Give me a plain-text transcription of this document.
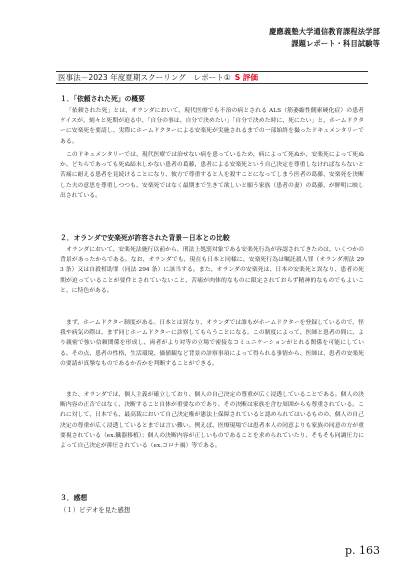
慶應義塾大学通信教育課程法学部
課題レポート・科目試験等
医事法－2023 年度夏期スクーリング　レポート① S 評価
１．「依頼された死」の概要

「依頼された死」とは、オランダにおいて、現代医療でも不治の病とされる ALS（筋萎縮性側索硬化症）の患者ケイスが、刻々と死期が迫る中、「自分の事は、自分で決めたい」「自分で決めた時に、死にたい」と、ホームドクターに安楽死を要請し、実際にホームドクターによる安楽死が実施されるまでの一部始終を撮ったドキュメンタリーである。

このドキュメンタリーでは、現代医療では治せない病を患っているため、病によって死ぬか、安楽死によって死ぬか、どちらであっても死ぬ結末しかない患者の葛藤、患者による安楽死という自己決定を尊重しなければならないと苦痛に耐える患者を見続けることになり、彼方で尊重すると人を殺すことになってしまう医者の葛藤、安楽死を決断した夫の意思を尊重しつつも、安楽死ではなく最期まで生きて欲しいと願う家族（患者の妻）の葛藤、が鮮明に映し出されている。

２．オランダで安楽死が許容された背景－日本との比較

オランダにおいて、安楽死法施行以前から、刑法上処罰対象である安楽死行為が容認されてきたのは、いくつかの背景があったからである。なお、オランダでも、現在も日本と同様に、安楽死行為は嘱託殺人罪（オランダ刑法 293 条）又は自殺幇助罪（同法 294 条）に該当する。また、オランダの安楽死は、日本の安楽死と異なり、患者の死期が迫っていることが要件とされていないこと、苦痛が肉体的なものに限定されておらず精神的なものでもよいこと、に特色がある。

まず、ホームドクター制度がある。日本とは異なり、オランダでは誰もがホームドクターを登録しているので、怪我や病気の際は、まず同じホームドクターに診察してもらうことになる。この制度によって、医師と患者の間に、より親密で強い信頼関係を形成し、両者がより対等の立場で密接なコミュニケーションがとれる関係を可能にしている。その点、患者の性格、生活環境、価値観など背景の診察事項によって得られる事情から、医師は、患者の安楽死の要請が真摯なものであるか否かを判断することができる。

また、オランダでは、個人主義が確立しており、個人の自己決定の尊重が広く浸透していることである。個人の決断内容の正否ではなく、決断すること自体が重要なのであり、その決断は家族を含む周囲からも尊重されている。これに対して、日本でも、最高裁において自己決定権が憲法上保障されていると認められてはいるものの、個人の自己決定の尊重が広く浸透しているとまでは言い難い。例えば、医療現場では患者本人の同意よりも家族の同意の方が重要視されている（ex.臓器移植）；個人の決断内容が正しいものであることを求められていたり、そもそも同調圧力によって自己決定が抑圧されている（ex.コロナ禍）等である。

３．感想
（１）ビデオを見た感想
p. 163
